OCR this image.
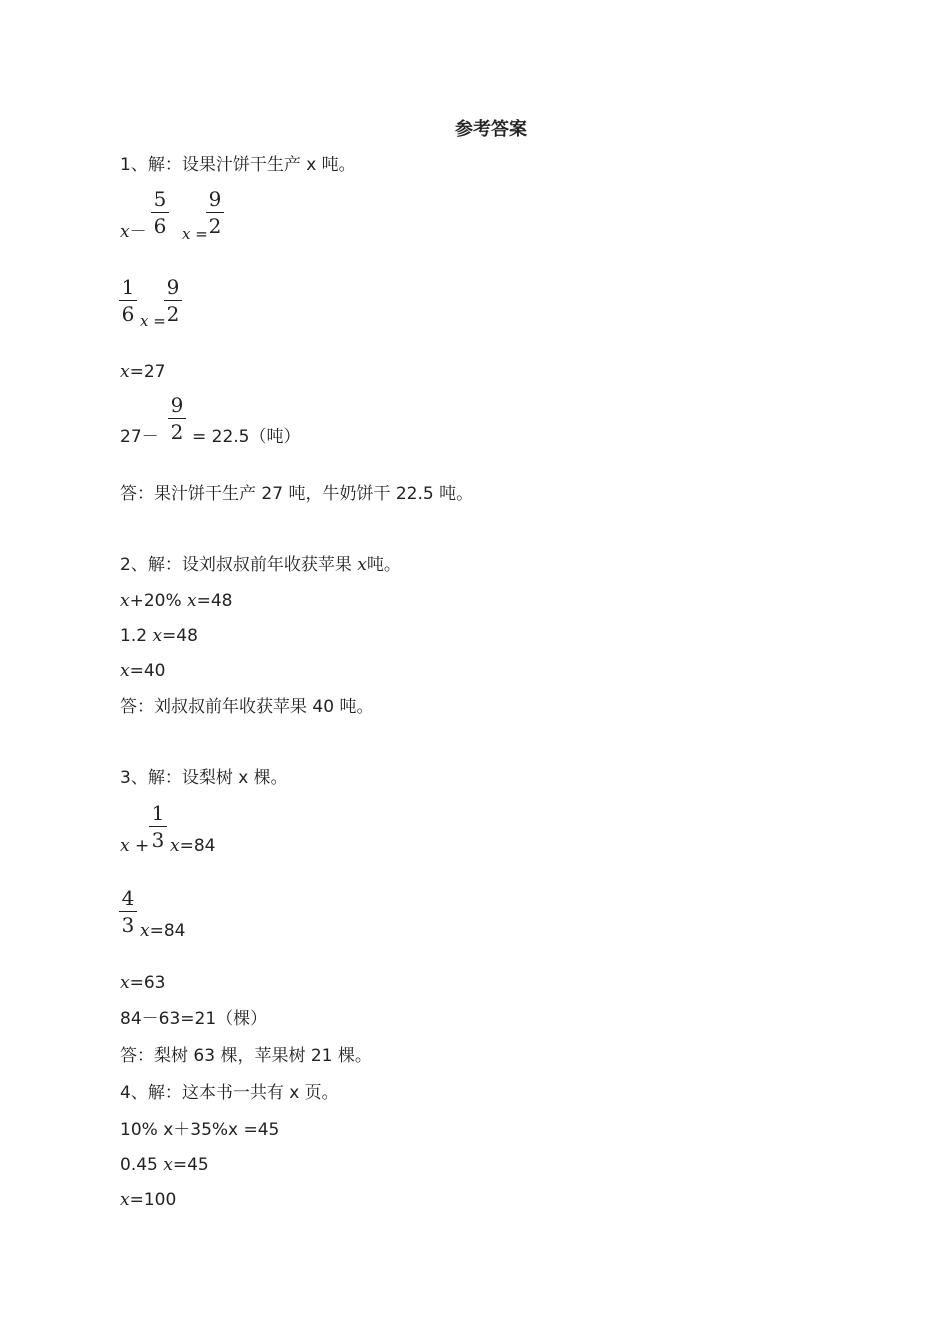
参考答案
1、解：设果汁饼干生产 x 吨。
x－
5
6	x =
9
2
1
6 x =
9
2
x=27
27－
9
2 = 22.5（吨）
答：果汁饼干生产 27 吨，牛奶饼干 22.5 吨。
2、解：设刘叔叔前年收获苹果 x吨。
x+20% x=48
1.2 x=48
x=40
答：刘叔叔前年收获苹果 40 吨。
3、解：设梨树 x 棵。
x +
1
3 x=84
4
3 x=84
x=63
84－63=21（棵）
答：梨树 63 棵，苹果树 21 棵。
4、解：这本书一共有 x 页。
10% x＋35%x =45
0.45 x=45
x=100
